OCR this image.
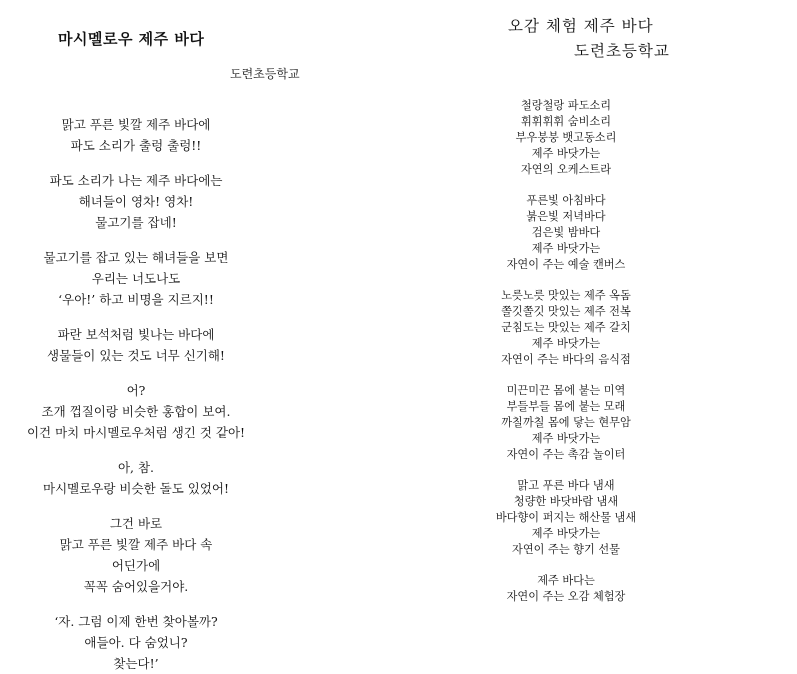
마시멜로우 제주 바다
도련초등학교
오감 체험 제주 바다
도련초등학교
맑고 푸른 빛깔 제주 바다에
파도 소리가 출렁 출렁!!
파도 소리가 나는 제주 바다에는
해녀들이 영차! 영차!
물고기를 잡네!
물고기를 잡고 있는 해녀들을 보면
우리는 너도나도
‘우아!’ 하고 비명을 지르지!!
파란 보석처럼 빛나는 바다에
생물들이 있는 것도 너무 신기해!
어?
조개 껍질이랑 비슷한 홍합이 보여.
이건 마치 마시멜로우처럼 생긴 것 같아!
아, 참.
마시멜로우랑 비슷한 돌도 있었어!
그건 바로
맑고 푸른 빛깔 제주 바다 속
어딘가에
꼭꼭 숨어있을거야.
‘자. 그럼 이제 한번 찾아볼까?
애들아. 다 숨었니?
찾는다!’
철랑철랑 파도소리
휘휘휘휘 숨비소리
부우붕붕 뱃고동소리
제주 바닷가는
자연의 오케스트라
푸른빛 아침바다
붉은빛 저녁바다
검은빛 밤바다
제주 바닷가는
자연이 주는 예술 캔버스
노릇노릇 맛있는 제주 옥돔
쫄깃쫄깃 맛있는 제주 전복
군침도는 맛있는 제주 갈치
제주 바닷가는
자연이 주는 바다의 음식점
미끈미끈 몸에 붙는 미역
부들부들 몸에 붙는 모래
까칠까칠 몸에 닿는 현무암
제주 바닷가는
자연이 주는 촉감 놀이터
맑고 푸른 바다 냄새
청량한 바닷바람 냄새
바다향이 퍼지는 해산물 냄새
제주 바닷가는
자연이 주는 향기 선물
제주 바다는
자연이 주는 오감 체험장
